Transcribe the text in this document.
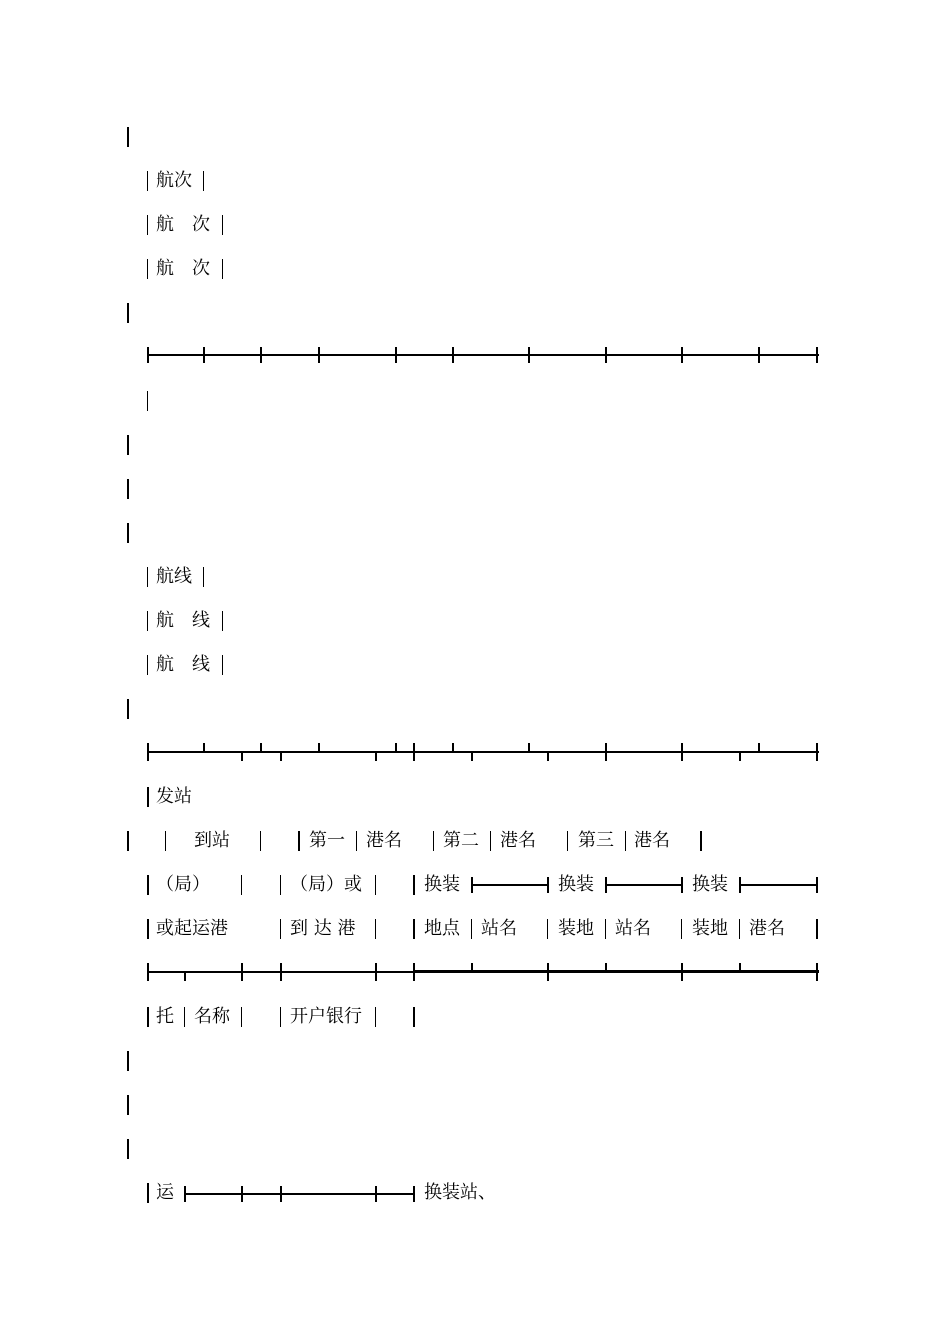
航次
航　次
航　次
航线
航　线
航　线
发站
到站	第一 港名 第二 港名 第三 港名
（局）	（局）或	换装	换装	换装
或起运港	到 达 港	地点 站名 装地 站名 装地 港名
托 名称	开户银行
运	换装站、
